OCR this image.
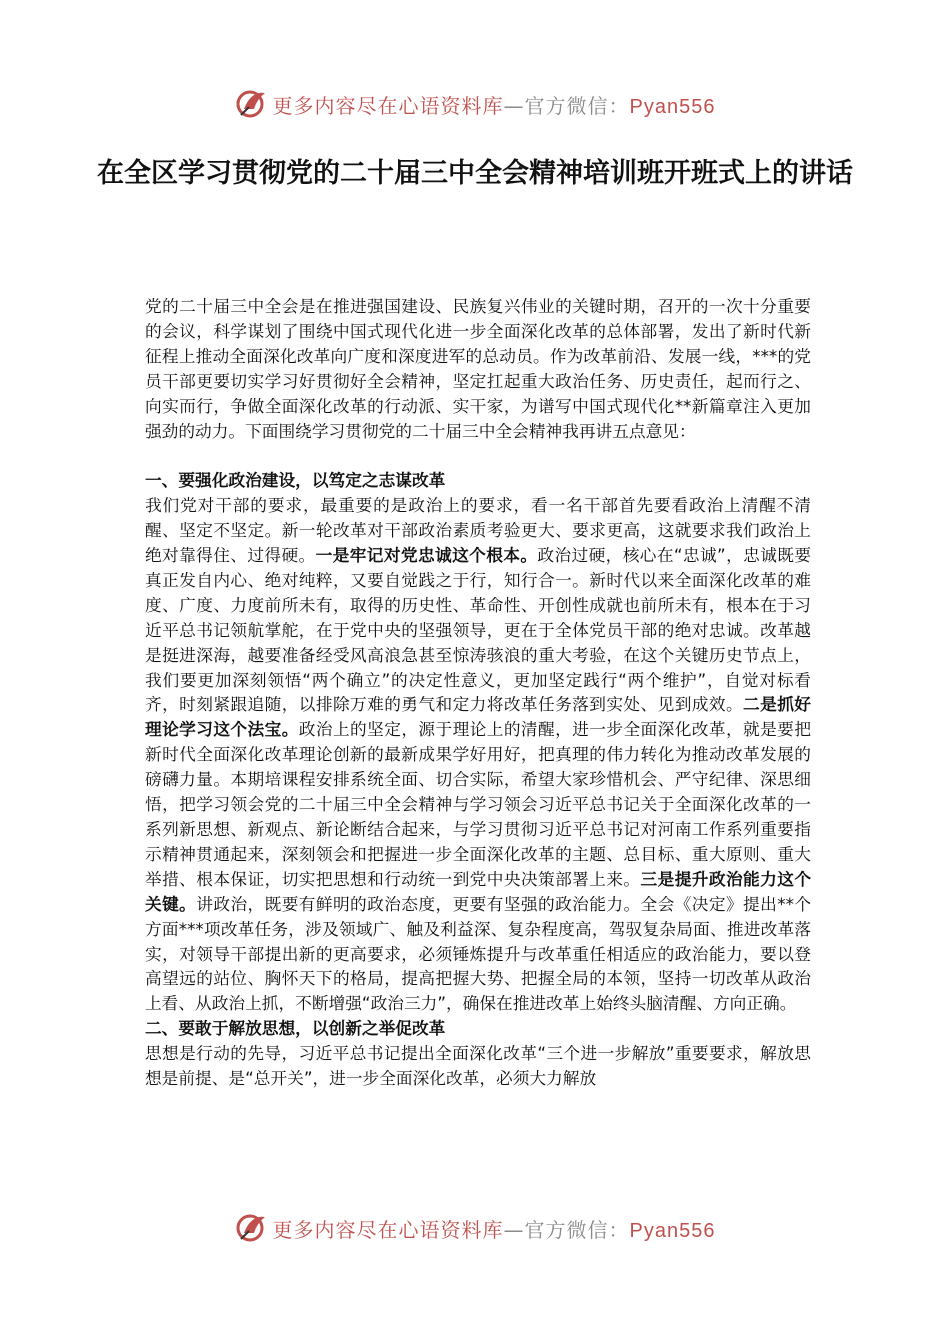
更多内容尽在心语资料库—官方微信：Pyan556
在全区学习贯彻党的二十届三中全会精神培训班开班式上的讲话

党的二十届三中全会是在推进强国建设、民族复兴伟业的关键时期，召开的一次十分重要的会议，科学谋划了围绕中国式现代化进一步全面深化改革的总体部署，发出了新时代新征程上推动全面深化改革向广度和深度进军的总动员。作为改革前沿、发展一线，***的党员干部更要切实学习好贯彻好全会精神，坚定扛起重大政治任务、历史责任，起而行之、向实而行，争做全面深化改革的行动派、实干家，为谱写中国式现代化**新篇章注入更加强劲的动力。下面围绕学习贯彻党的二十届三中全会精神我再讲五点意见：

一、要强化政治建设，以笃定之志谋改革

我们党对干部的要求，最重要的是政治上的要求，看一名干部首先要看政治上清醒不清醒、坚定不坚定。新一轮改革对干部政治素质考验更大、要求更高，这就要求我们政治上绝对靠得住、过得硬。一是牢记对党忠诚这个根本。政治过硬，核心在“忠诚”，忠诚既要真正发自内心、绝对纯粹，又要自觉践之于行，知行合一。新时代以来全面深化改革的难度、广度、力度前所未有，取得的历史性、革命性、开创性成就也前所未有，根本在于习近平总书记领航掌舵，在于党中央的坚强领导，更在于全体党员干部的绝对忠诚。改革越是挺进深海，越要准备经受风高浪急甚至惊涛骇浪的重大考验，在这个关键历史节点上，我们要更加深刻领悟“两个确立”的决定性意义，更加坚定践行“两个维护”，自觉对标看齐，时刻紧跟追随，以排除万难的勇气和定力将改革任务落到实处、见到成效。二是抓好理论学习这个法宝。政治上的坚定，源于理论上的清醒，进一步全面深化改革，就是要把新时代全面深化改革理论创新的最新成果学好用好，把真理的伟力转化为推动改革发展的磅礴力量。本期培课程安排系统全面、切合实际，希望大家珍惜机会、严守纪律、深思细悟，把学习领会党的二十届三中全会精神与学习领会习近平总书记关于全面深化改革的一系列新思想、新观点、新论断结合起来，与学习贯彻习近平总书记对河南工作系列重要指示精神贯通起来，深刻领会和把握进一步全面深化改革的主题、总目标、重大原则、重大举措、根本保证，切实把思想和行动统一到党中央决策部署上来。三是提升政治能力这个关键。讲政治，既要有鲜明的政治态度，更要有坚强的政治能力。全会《决定》提出**个方面***项改革任务，涉及领域广、触及利益深、复杂程度高，驾驭复杂局面、推进改革落实，对领导干部提出新的更高要求，必须锤炼提升与改革重任相适应的政治能力，要以登高望远的站位、胸怀天下的格局，提高把握大势、把握全局的本领，坚持一切改革从政治上看、从政治上抓，不断增强“政治三力”，确保在推进改革上始终头脑清醒、方向正确。

二、要敢于解放思想，以创新之举促改革

思想是行动的先导，习近平总书记提出全面深化改革“三个进一步解放”重要要求，解放思想是前提、是“总开关”，进一步全面深化改革，必须大力解放

更多内容尽在心语资料库—官方微信：Pyan556
